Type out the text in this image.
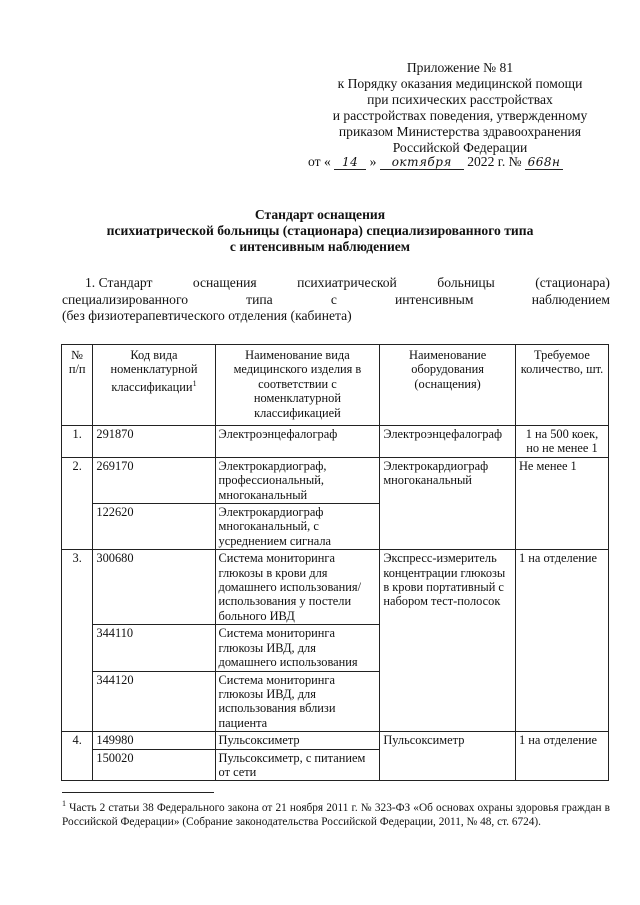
Приложение № 81
к Порядку оказания медицинской помощи
при психических расстройствах
и расстройствах поведения, утвержденному
приказом Министерства здравоохранения
Российской Федерации
от « 14 » октября 2022 г. № 668н
Стандарт оснащения
психиатрической больницы (стационара) специализированного типа
с интенсивным наблюдением
1. Стандарт	оснащения	психиатрической	больницы	(стационара)
специализированного	типа	с	интенсивным	наблюдением
(без физиотерапевтического отделения (кабинета)
№ п/п	Код вида номенклатурной классификации$^1$	Наименование вида медицинского изделия в соответствии с номенклатурной классификацией	Наименование оборудования (оснащения)	Требуемое количество, шт.
1.	291870	Электроэнцефалограф	Электроэнцефалограф	1 на 500 коек, но не менее 1
2.	269170	Электрокардиограф, профессиональный, многоканальный	Электрокардиограф многоканальный	Не менее 1
	122620	Электрокардиограф многоканальный, с усреднением сигнала		
3.	300680	Система мониторинга глюкозы в крови для домашнего использования/ использования у постели больного ИВД	Экспресс-измеритель концентрации глюкозы в крови портативный с набором тест-полосок	1 на отделение
	344110	Система мониторинга глюкозы ИВД, для домашнего использования		
	344120	Система мониторинга глюкозы ИВД, для использования вблизи пациента		
4.	149980	Пульсоксиметр	Пульсоксиметр	1 на отделение
	150020	Пульсоксиметр, с питанием от сети		
$^1$ Часть 2 статьи 38 Федерального закона от 21 ноября 2011 г. № 323-ФЗ «Об основах охраны здоровья граждан в Российской Федерации» (Собрание законодательства Российской Федерации, 2011, № 48, ст. 6724).
